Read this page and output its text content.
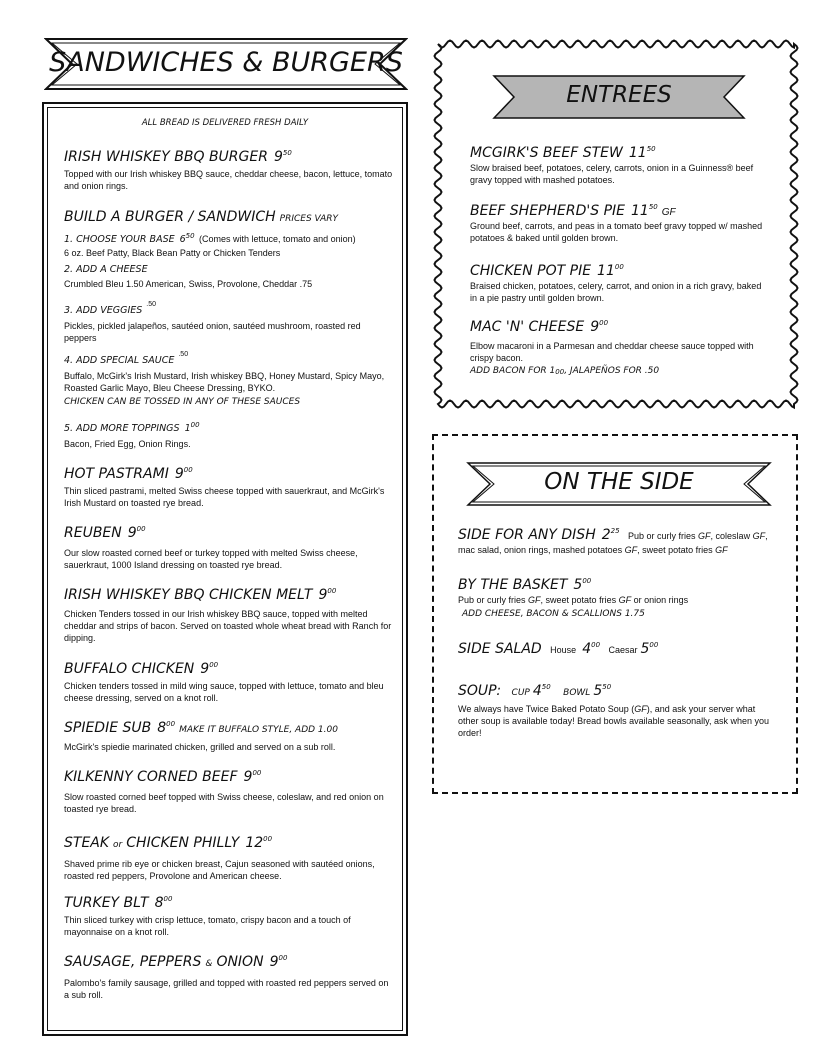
SANDWICHES & BURGERS
ALL BREAD IS DELIVERED FRESH DAILY
IRISH WHISKEY BBQ BURGER $9^{50}$
Topped with our Irish whiskey BBQ sauce, cheddar cheese, bacon, lettuce, tomato and onion rings.
BUILD A BURGER / SANDWICH PRICES VARY
1. CHOOSE YOUR BASE $6^{50}$ (Comes with lettuce, tomato and onion)
6 oz. Beef Patty, Black Bean Patty or Chicken Tenders
2. ADD A CHEESE
Crumbled Bleu 1.50 American, Swiss, Provolone, Cheddar .75
3. ADD $VEGGIES^{.50}$
Pickles, pickled jalapeños, sautéed onion, sautéed mushroom, roasted red peppers
4. ADD SPECIAL $SAUCE^{.50}$
Buffalo, McGirk's Irish Mustard, Irish whiskey BBQ, Honey Mustard, Spicy Mayo, Roasted Garlic Mayo, Bleu Cheese Dressing, BYKO.
CHICKEN CAN BE TOSSED IN ANY OF THESE SAUCES
5. ADD MORE TOPPINGS $1^{00}$
Bacon, Fried Egg, Onion Rings.
HOT PASTRAMI $9^{00}$
Thin sliced pastrami, melted Swiss cheese topped with sauerkraut, and McGirk's Irish Mustard on toasted rye bread.
REUBEN $9^{00}$
Our slow roasted corned beef or turkey topped with melted Swiss cheese, sauerkraut, 1000 Island dressing on toasted rye bread.
IRISH WHISKEY BBQ CHICKEN MELT $9^{00}$
Chicken Tenders tossed in our Irish whiskey BBQ sauce, topped with melted cheddar and strips of bacon. Served on toasted whole wheat bread with Ranch for dipping.
BUFFALO CHICKEN $9^{00}$
Chicken tenders tossed in mild wing sauce, topped with lettuce, tomato and bleu cheese dressing, served on a knot roll.
SPIEDIE SUB $8^{00}MAKE$ IT BUFFALO STYLE, ADD 1.00
McGirk's spiedie marinated chicken, grilled and served on a sub roll.
KILKENNY CORNED BEEF $9^{00}$
Slow roasted corned beef topped with Swiss cheese, coleslaw, and red onion on toasted rye bread.
STEAK or CHICKEN PHILLY $12^{00}$
Shaved prime rib eye or chicken breast, Cajun seasoned with sautéed onions, roasted red peppers, Provolone and American cheese.
TURKEY BLT $8^{00}$
Thin sliced turkey with crisp lettuce, tomato, crispy bacon and a touch of mayonnaise on a knot roll.
SAUSAGE, PEPPERS & ONION $9^{00}$
Palombo's family sausage, grilled and topped with roasted red peppers served on a sub roll.
ENTREES
MCGIRK'S BEEF STEW $11^{50}$
Slow braised beef, potatoes, celery, carrots, onion in a Guinness® beef gravy topped with mashed potatoes.
BEEF SHEPHERD'S PIE $11^{50}$ GF
Ground beef, carrots, and peas in a tomato beef gravy topped w/ mashed potatoes & baked until golden brown.
CHICKEN POT PIE $11^{00}$
Braised chicken, potatoes, celery, carrot, and onion in a rich gravy, baked in a pie pastry until golden brown.
MAC 'N' CHEESE $9^{00}$
Elbow macaroni in a Parmesan and cheddar cheese sauce topped with crispy bacon.
ADD BACON FOR $1^{00}$, JALAPEÑOS FOR .50
ON THE SIDE
SIDE FOR ANY DISH $2^{25}$ Pub or curly fries GF, coleslaw GF,
mac salad, onion rings, mashed potatoes GF, sweet potato fries GF
BY THE BASKET $5^{00}$
Pub or curly fries GF, sweet potato fries GF or onion rings
ADD CHEESE, BACON & SCALLIONS 1.75
SIDE SALAD House $4^{00}$ Caesar $5^{00}$
SOUP: CUP $4^{50}$ BOWL $5^{50}$
We always have Twice Baked Potato Soup (GF), and ask your server what other soup is available today! Bread bowls available seasonally, ask when you order!
